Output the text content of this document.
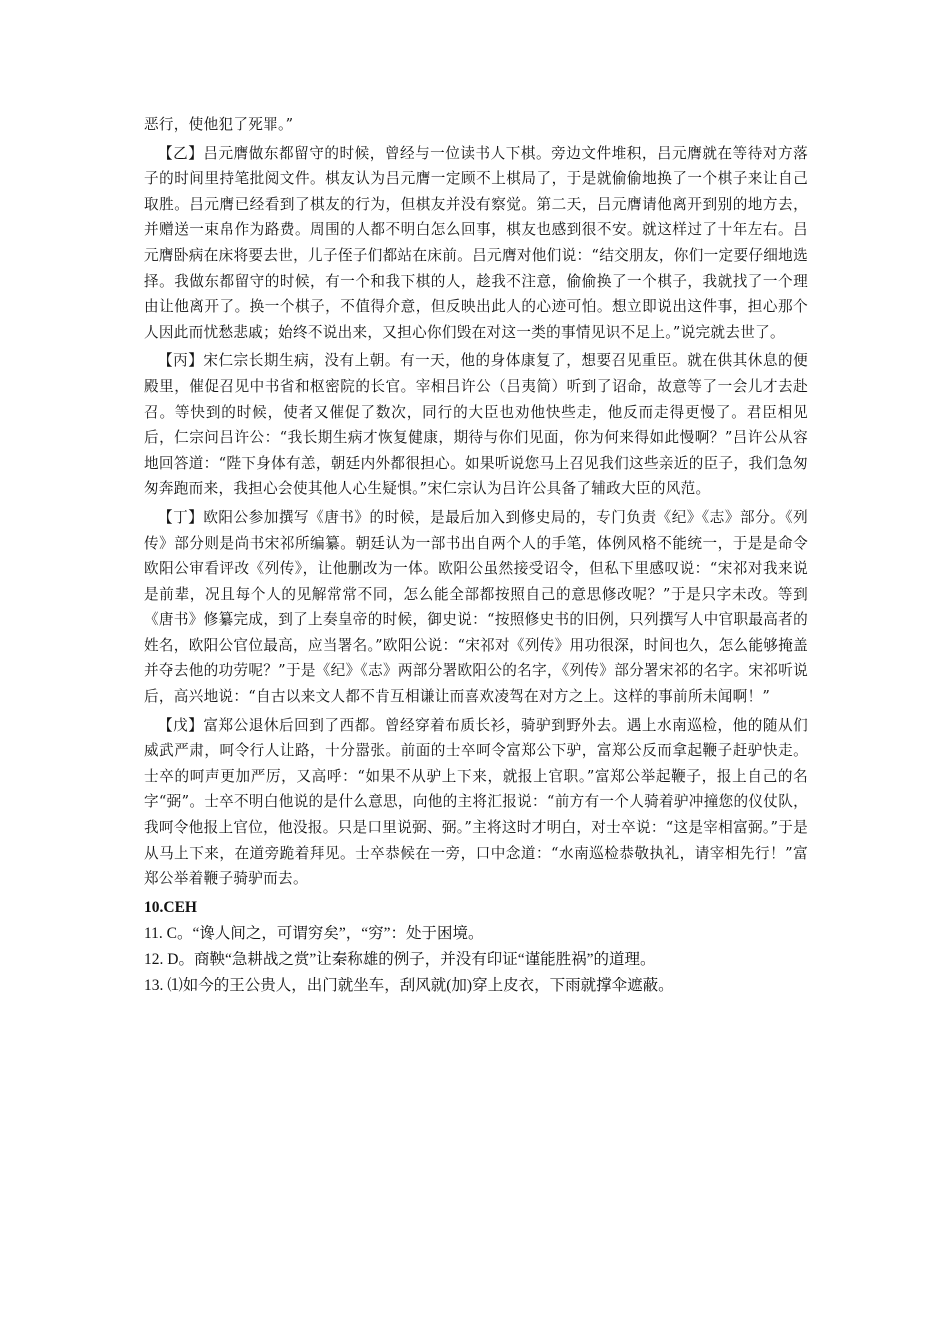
恶行，使他犯了死罪。”

【乙】吕元膺做东都留守的时候，曾经与一位读书人下棋。旁边文件堆积，吕元膺就在等待对方落子的时间里持笔批阅文件。棋友认为吕元膺一定顾不上棋局了，于是就偷偷地换了一个棋子来让自己取胜。吕元膺已经看到了棋友的行为，但棋友并没有察觉。第二天，吕元膺请他离开到别的地方去，并赠送一束帛作为路费。周围的人都不明白怎么回事，棋友也感到很不安。就这样过了十年左右。吕元膺卧病在床将要去世，儿子侄子们都站在床前。吕元膺对他们说：“结交朋友，你们一定要仔细地选择。我做东都留守的时候，有一个和我下棋的人，趁我不注意，偷偷换了一个棋子，我就找了一个理由让他离开了。换一个棋子，不值得介意，但反映出此人的心迹可怕。想立即说出这件事，担心那个人因此而忧愁悲戚；始终不说出来，又担心你们毁在对这一类的事情见识不足上。”说完就去世了。

【丙】宋仁宗长期生病，没有上朝。有一天，他的身体康复了，想要召见重臣。就在供其休息的便殿里，催促召见中书省和枢密院的长官。宰相吕许公（吕夷简）听到了诏命，故意等了一会儿才去赴召。等快到的时候，使者又催促了数次，同行的大臣也劝他快些走，他反而走得更慢了。君臣相见后，仁宗问吕许公：“我长期生病才恢复健康，期待与你们见面，你为何来得如此慢啊？”吕许公从容地回答道：“陛下身体有恙，朝廷内外都很担心。如果听说您马上召见我们这些亲近的臣子，我们急匆匆奔跑而来，我担心会使其他人心生疑惧。”宋仁宗认为吕许公具备了辅政大臣的风范。

【丁】欧阳公参加撰写《唐书》的时候，是最后加入到修史局的，专门负责《纪》《志》部分。《列传》部分则是尚书宋祁所编纂。朝廷认为一部书出自两个人的手笔，体例风格不能统一，于是是命令欧阳公审看评改《列传》，让他删改为一体。欧阳公虽然接受诏令，但私下里感叹说：“宋祁对我来说是前辈，况且每个人的见解常常不同，怎么能全部都按照自己的意思修改呢？”于是只字未改。等到《唐书》修纂完成，到了上奏皇帝的时候，御史说：“按照修史书的旧例，只列撰写人中官职最高者的姓名，欧阳公官位最高，应当署名。”欧阳公说：“宋祁对《列传》用功很深，时间也久，怎么能够掩盖并夺去他的功劳呢？”于是《纪》《志》两部分署欧阳公的名字，《列传》部分署宋祁的名字。宋祁听说后，高兴地说：“自古以来文人都不肯互相谦让而喜欢凌驾在对方之上。这样的事前所未闻啊！”

【戊】富郑公退休后回到了西都。曾经穿着布质长衫，骑驴到野外去。遇上水南巡检，他的随从们威武严肃，呵令行人让路，十分嚣张。前面的士卒呵令富郑公下驴，富郑公反而拿起鞭子赶驴快走。士卒的呵声更加严厉，又高呼：“如果不从驴上下来，就报上官职。”富郑公举起鞭子，报上自己的名字“弼”。士卒不明白他说的是什么意思，向他的主将汇报说：“前方有一个人骑着驴冲撞您的仪仗队，我呵令他报上官位，他没报。只是口里说弼、弼。”主将这时才明白，对士卒说：“这是宰相富弼。”于是从马上下来，在道旁跪着拜见。士卒恭候在一旁，口中念道：“水南巡检恭敬执礼，请宰相先行！”富郑公举着鞭子骑驴而去。

10.CEH

11. C。“谗人间之，可谓穷矣”，“穷”：处于困境。

12. D。商鞅“急耕战之赏”让秦称雄的例子，并没有印证“谨能胜祸”的道理。

13. ⑴如今的王公贵人，出门就坐车，刮风就(加)穿上皮衣，下雨就撑伞遮蔽。
